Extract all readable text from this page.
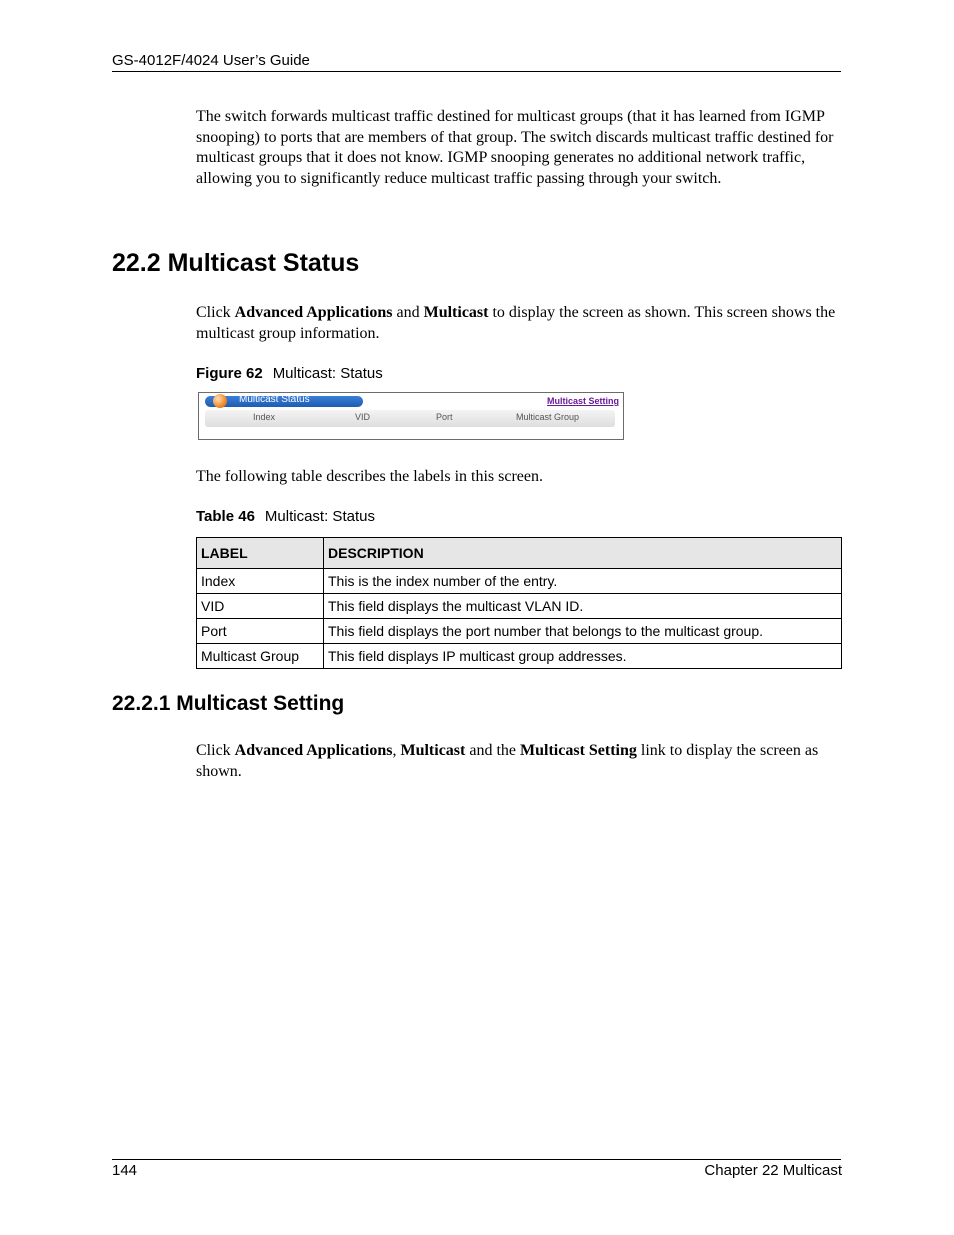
GS-4012F/4024 User’s Guide
The switch forwards multicast traffic destined for multicast groups (that it has learned from IGMP snooping) to ports that are members of that group. The switch discards multicast traffic destined for multicast groups that it does not know. IGMP snooping generates no additional network traffic, allowing you to significantly reduce multicast traffic passing through your switch.
22.2 Multicast Status
Click Advanced Applications and Multicast to display the screen as shown. This screen shows the multicast group information.
Figure 62 Multicast: Status
Multicast Status	Multicast Setting
Index	VID	Port	Multicast Group
The following table describes the labels in this screen.
Table 46 Multicast: Status
LABEL	DESCRIPTION
Index	This is the index number of the entry.
VID	This field displays the multicast VLAN ID.
Port	This field displays the port number that belongs to the multicast group.
Multicast Group	This field displays IP multicast group addresses.
22.2.1 Multicast Setting
Click Advanced Applications, Multicast and the Multicast Setting link to display the screen as shown.
144	Chapter 22 Multicast
